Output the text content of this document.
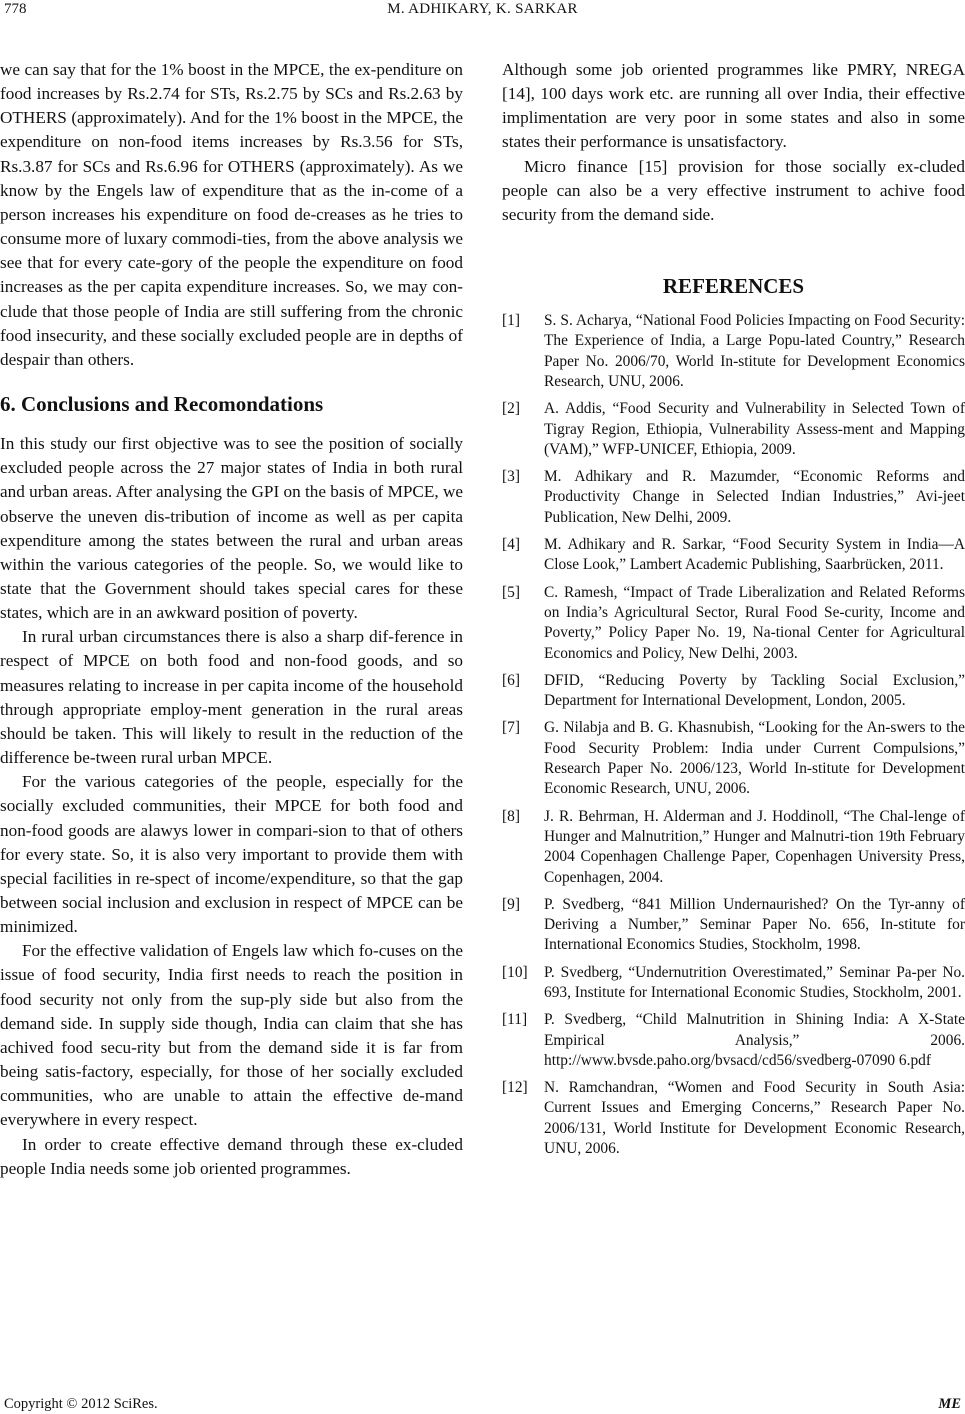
778	M. ADHIKARY, K. SARKAR

we can say that for the 1% boost in the MPCE, the ex-penditure on food increases by Rs.2.74 for STs, Rs.2.75 by SCs and Rs.2.63 by OTHERS (approximately). And for the 1% boost in the MPCE, the expenditure on non-food items increases by Rs.3.56 for STs, Rs.3.87 for SCs and Rs.6.96 for OTHERS (approximately). As we know by the Engels law of expenditure that as the in-come of a person increases his expenditure on food de-creases as he tries to consume more of luxary commodi-ties, from the above analysis we see that for every cate-gory of the people the expenditure on food increases as the per capita expenditure increases. So, we may con-clude that those people of India are still suffering from the chronic food insecurity, and these socially excluded people are in depths of despair than others.

6. Conclusions and Recomondations

In this study our first objective was to see the position of socially excluded people across the 27 major states of India in both rural and urban areas. After analysing the GPI on the basis of MPCE, we observe the uneven dis-tribution of income as well as per capita expenditure among the states between the rural and urban areas within the various categories of the people. So, we would like to state that the Government should takes special cares for these states, which are in an awkward position of poverty.

In rural urban circumstances there is also a sharp dif-ference in respect of MPCE on both food and non-food goods, and so measures relating to increase in per capita income of the household through appropriate employ-ment generation in the rural areas should be taken. This will likely to result in the reduction of the difference be-tween rural urban MPCE.

For the various categories of the people, especially for the socially excluded communities, their MPCE for both food and non-food goods are alawys lower in compari-sion to that of others for every state. So, it is also very important to provide them with special facilities in re-spect of income/expenditure, so that the gap between social inclusion and exclusion in respect of MPCE can be minimized.

For the effective validation of Engels law which fo-cuses on the issue of food security, India first needs to reach the position in food security not only from the sup-ply side but also from the demand side. In supply side though, India can claim that she has achived food secu-rity but from the demand side it is far from being satis-factory, especially, for those of her socially excluded communities, who are unable to attain the effective de-mand everywhere in every respect.

In order to create effective demand through these ex-cluded people India needs some job oriented programmes.

Although some job oriented programmes like PMRY, NREGA [14], 100 days work etc. are running all over India, their effective implimentation are very poor in some states and also in some states their performance is unsatisfactory.

Micro finance [15] provision for those socially ex-cluded people can also be a very effective instrument to achive food security from the demand side.

REFERENCES
[1]	S. S. Acharya, “National Food Policies Impacting on Food Security: The Experience of India, a Large Popu-lated Country,” Research Paper No. 2006/70, World In-stitute for Development Economics Research, UNU, 2006.
[2]	A. Addis, “Food Security and Vulnerability in Selected Town of Tigray Region, Ethiopia, Vulnerability Assess-ment and Mapping (VAM),” WFP-UNICEF, Ethiopia, 2009.
[3]	M. Adhikary and R. Mazumder, “Economic Reforms and Productivity Change in Selected Indian Industries,” Avi-jeet Publication, New Delhi, 2009.
[4]	M. Adhikary and R. Sarkar, “Food Security System in India—A Close Look,” Lambert Academic Publishing, Saarbrücken, 2011.
[5]	C. Ramesh, “Impact of Trade Liberalization and Related Reforms on India’s Agricultural Sector, Rural Food Se-curity, Income and Poverty,” Policy Paper No. 19, Na-tional Center for Agricultural Economics and Policy, New Delhi, 2003.
[6]	DFID, “Reducing Poverty by Tackling Social Exclusion,” Department for International Development, London, 2005.
[7]	G. Nilabja and B. G. Khasnubish, “Looking for the An-swers to the Food Security Problem: India under Current Compulsions,” Research Paper No. 2006/123, World In-stitute for Development Economic Research, UNU, 2006.
[8]	J. R. Behrman, H. Alderman and J. Hoddinoll, “The Chal-lenge of Hunger and Malnutrition,” Hunger and Malnutri-tion 19th February 2004 Copenhagen Challenge Paper, Copenhagen University Press, Copenhagen, 2004.
[9]	P. Svedberg, “841 Million Undernaurished? On the Tyr-anny of Deriving a Number,” Seminar Paper No. 656, In-stitute for International Economics Studies, Stockholm, 1998.
[10]	P. Svedberg, “Undernutrition Overestimated,” Seminar Pa-per No. 693, Institute for International Economic Studies, Stockholm, 2001.
[11]	P. Svedberg, “Child Malnutrition in Shining India: A X-State Empirical Analysis,” 2006. http://www.bvsde.paho.org/bvsacd/cd56/svedberg-07090 6.pdf
[12]	N. Ramchandran, “Women and Food Security in South Asia: Current Issues and Emerging Concerns,” Research Paper No. 2006/131, World Institute for Development Economic Research, UNU, 2006.
Copyright © 2012 SciRes.	ME
